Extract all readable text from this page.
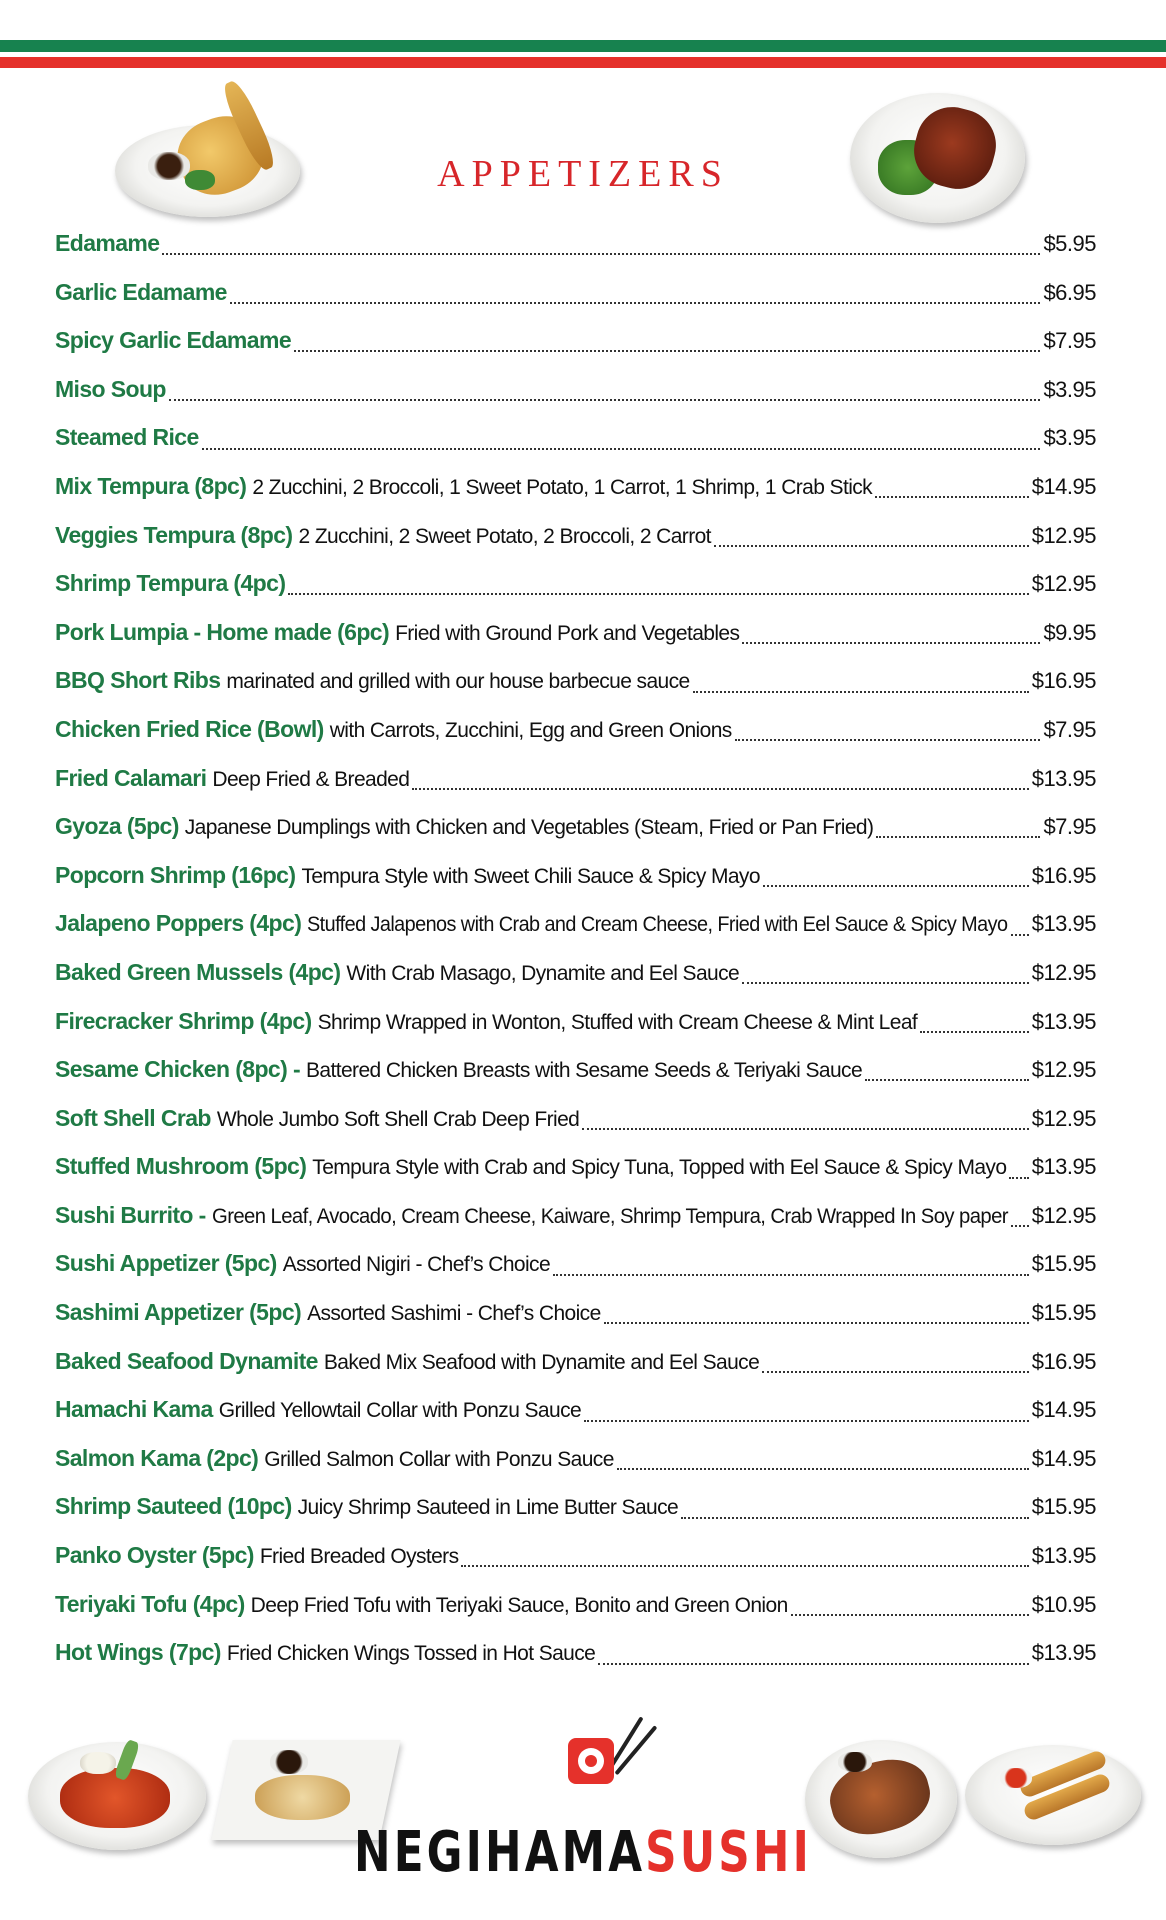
APPETIZERS
Edamame	$5.95
Garlic Edamame	$6.95
Spicy Garlic Edamame	$7.95
Miso Soup	$3.95
Steamed Rice	$3.95
Mix Tempura (8pc) 2 Zucchini, 2 Broccoli, 1 Sweet Potato, 1 Carrot, 1 Shrimp, 1 Crab Stick	$14.95
Veggies Tempura (8pc) 2 Zucchini, 2 Sweet Potato, 2 Broccoli, 2 Carrot	$12.95
Shrimp Tempura (4pc)	$12.95
Pork Lumpia - Home made (6pc) Fried with Ground Pork and Vegetables	$9.95
BBQ Short Ribs marinated and grilled with our house barbecue sauce	$16.95
Chicken Fried Rice (Bowl) with Carrots, Zucchini, Egg and Green Onions	$7.95
Fried Calamari Deep Fried & Breaded	$13.95
Gyoza (5pc) Japanese Dumplings with Chicken and Vegetables (Steam, Fried or Pan Fried)	$7.95
Popcorn Shrimp (16pc) Tempura Style with Sweet Chili Sauce & Spicy Mayo	$16.95
Jalapeno Poppers (4pc) Stuffed Jalapenos with Crab and Cream Cheese, Fried with Eel Sauce & Spicy Mayo $13.95
Baked Green Mussels (4pc) With Crab Masago, Dynamite and Eel Sauce	$12.95
Firecracker Shrimp (4pc) Shrimp Wrapped in Wonton, Stuffed with Cream Cheese & Mint Leaf	$13.95
Sesame Chicken (8pc) - Battered Chicken Breasts with Sesame Seeds & Teriyaki Sauce	$12.95
Soft Shell Crab Whole Jumbo Soft Shell Crab Deep Fried	$12.95
Stuffed Mushroom (5pc) Tempura Style with Crab and Spicy Tuna, Topped with Eel Sauce & Spicy Mayo $13.95
Sushi Burrito - Green Leaf, Avocado, Cream Cheese, Kaiware, Shrimp Tempura, Crab Wrapped In Soy paper $12.95
Sushi Appetizer (5pc) Assorted Nigiri - Chef’s Choice	$15.95
Sashimi Appetizer (5pc) Assorted Sashimi - Chef’s Choice	$15.95
Baked Seafood Dynamite Baked Mix Seafood with Dynamite and Eel Sauce	$16.95
Hamachi Kama Grilled Yellowtail Collar with Ponzu Sauce	$14.95
Salmon Kama (2pc) Grilled Salmon Collar with Ponzu Sauce	$14.95
Shrimp Sauteed (10pc) Juicy Shrimp Sauteed in Lime Butter Sauce	$15.95
Panko Oyster (5pc) Fried Breaded Oysters	$13.95
Teriyaki Tofu (4pc) Deep Fried Tofu with Teriyaki Sauce, Bonito and Green Onion	$10.95
Hot Wings (7pc) Fried Chicken Wings Tossed in Hot Sauce	$13.95
NEGIHAMASUSHI
